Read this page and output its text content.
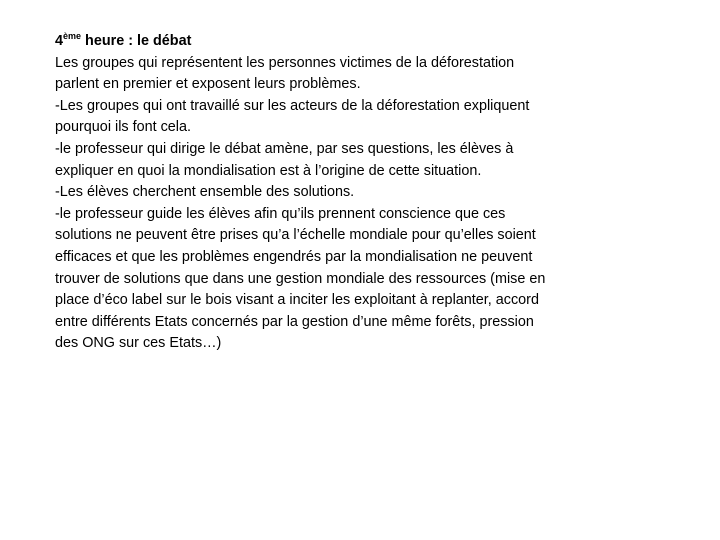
4ème heure : le débat
Les groupes qui représentent les personnes victimes de la déforestation
parlent en premier et exposent leurs problèmes.
-Les groupes qui ont travaillé sur les acteurs de la déforestation expliquent
pourquoi ils font cela.
-le professeur qui dirige le débat amène, par ses questions, les élèves à
expliquer en quoi la mondialisation est à l’origine de cette situation.
-Les élèves cherchent ensemble des solutions.
-le professeur guide les élèves afin qu’ils prennent conscience que ces
solutions ne peuvent être prises qu’a l’échelle mondiale pour qu’elles soient
efficaces et que les problèmes engendrés par la mondialisation ne peuvent
trouver de solutions que dans une gestion mondiale des ressources (mise en
place d’éco label sur le bois visant a inciter les exploitant à replanter, accord
entre différents Etats concernés par la gestion d’une même forêts, pression
des ONG sur ces Etats…)
